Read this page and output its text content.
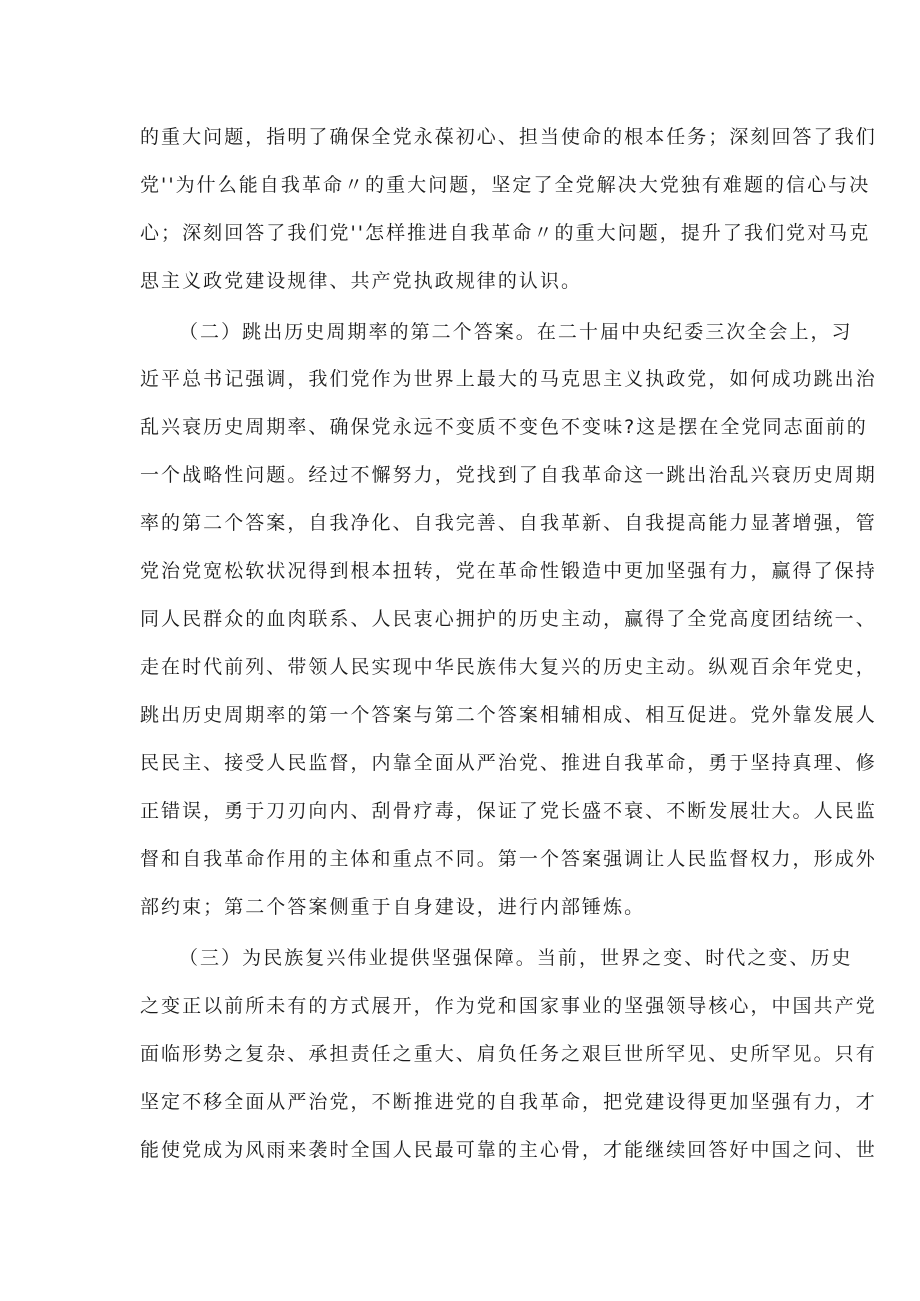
的重大问题，指明了确保全党永葆初心、担当使命的根本任务；深刻回答了我们
党''为什么能自我革命〃的重大问题，坚定了全党解决大党独有难题的信心与决
心；深刻回答了我们党''怎样推进自我革命〃的重大问题，提升了我们党对马克
思主义政党建设规律、共产党执政规律的认识。
（二）跳出历史周期率的第二个答案。在二十届中央纪委三次全会上，习
近平总书记强调，我们党作为世界上最大的马克思主义执政党，如何成功跳出治
乱兴衰历史周期率、确保党永远不变质不变色不变味?这是摆在全党同志面前的
一个战略性问题。经过不懈努力，党找到了自我革命这一跳出治乱兴衰历史周期
率的第二个答案，自我净化、自我完善、自我革新、自我提高能力显著增强，管
党治党宽松软状况得到根本扭转，党在革命性锻造中更加坚强有力，赢得了保持
同人民群众的血肉联系、人民衷心拥护的历史主动，赢得了全党高度团结统一、
走在时代前列、带领人民实现中华民族伟大复兴的历史主动。纵观百余年党史，
跳出历史周期率的第一个答案与第二个答案相辅相成、相互促进。党外靠发展人
民民主、接受人民监督，内靠全面从严治党、推进自我革命，勇于坚持真理、修
正错误，勇于刀刃向内、刮骨疗毒，保证了党长盛不衰、不断发展壮大。人民监
督和自我革命作用的主体和重点不同。第一个答案强调让人民监督权力，形成外
部约束；第二个答案侧重于自身建设，进行内部锤炼。
（三）为民族复兴伟业提供坚强保障。当前，世界之变、时代之变、历史
之变正以前所未有的方式展开，作为党和国家事业的坚强领导核心，中国共产党
面临形势之复杂、承担责任之重大、肩负任务之艰巨世所罕见、史所罕见。只有
坚定不移全面从严治党，不断推进党的自我革命，把党建设得更加坚强有力，才
能使党成为风雨来袭时全国人民最可靠的主心骨，才能继续回答好中国之问、世
